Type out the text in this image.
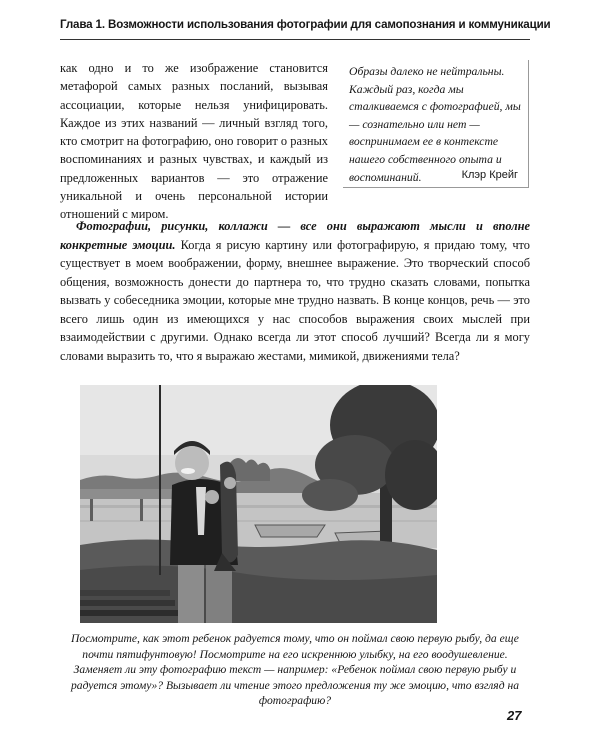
Глава 1. Возможности использования фотографии для самопознания и коммуникации

как одно и то же изображение становится метафорой самых разных посланий, вызывая ассоциации, которые нельзя унифицировать. Каждое из этих названий — личный взгляд того, кто смотрит на фотографию, оно говорит о разных воспоминаниях и разных чувствах, и каждый из предложенных вариантов — это отражение уникальной и очень персональной истории отношений с миром.

Образы далеко не нейтральны. Каждый раз, когда мы сталкиваемся с фотографией, мы — сознательно или нет — воспринимаем ее в контексте нашего собственного опыта и воспоминаний.	Клэр Крейг
Фотографии, рисунки, коллажи — все они выражают мысли и вполне конкретные эмоции. Когда я рисую картину или фотографирую, я придаю тому, что существует в моем воображении, форму, внешнее выражение. Это творческий способ общения, возможность донести до партнера то, что трудно сказать словами, попытка вызвать у собеседника эмоции, которые мне трудно назвать. В конце концов, речь — это всего лишь один из имеющихся у нас способов выражения своих мыслей при взаимодействии с другими. Однако всегда ли этот способ лучший? Всегда ли я могу словами выразить то, что я выражаю жестами, мимикой, движениями тела?
Посмотрите, как этот ребенок радуется тому, что он поймал свою первую рыбу, да еще почти пятифунтовую! Посмотрите на его искреннюю улыбку, на его воодушевление. Заменяет ли эту фотографию текст — например: «Ребенок поймал свою первую рыбу и радуется этому»? Вызывает ли чтение этого предложения ту же эмоцию, что взгляд на фотографию?
27
